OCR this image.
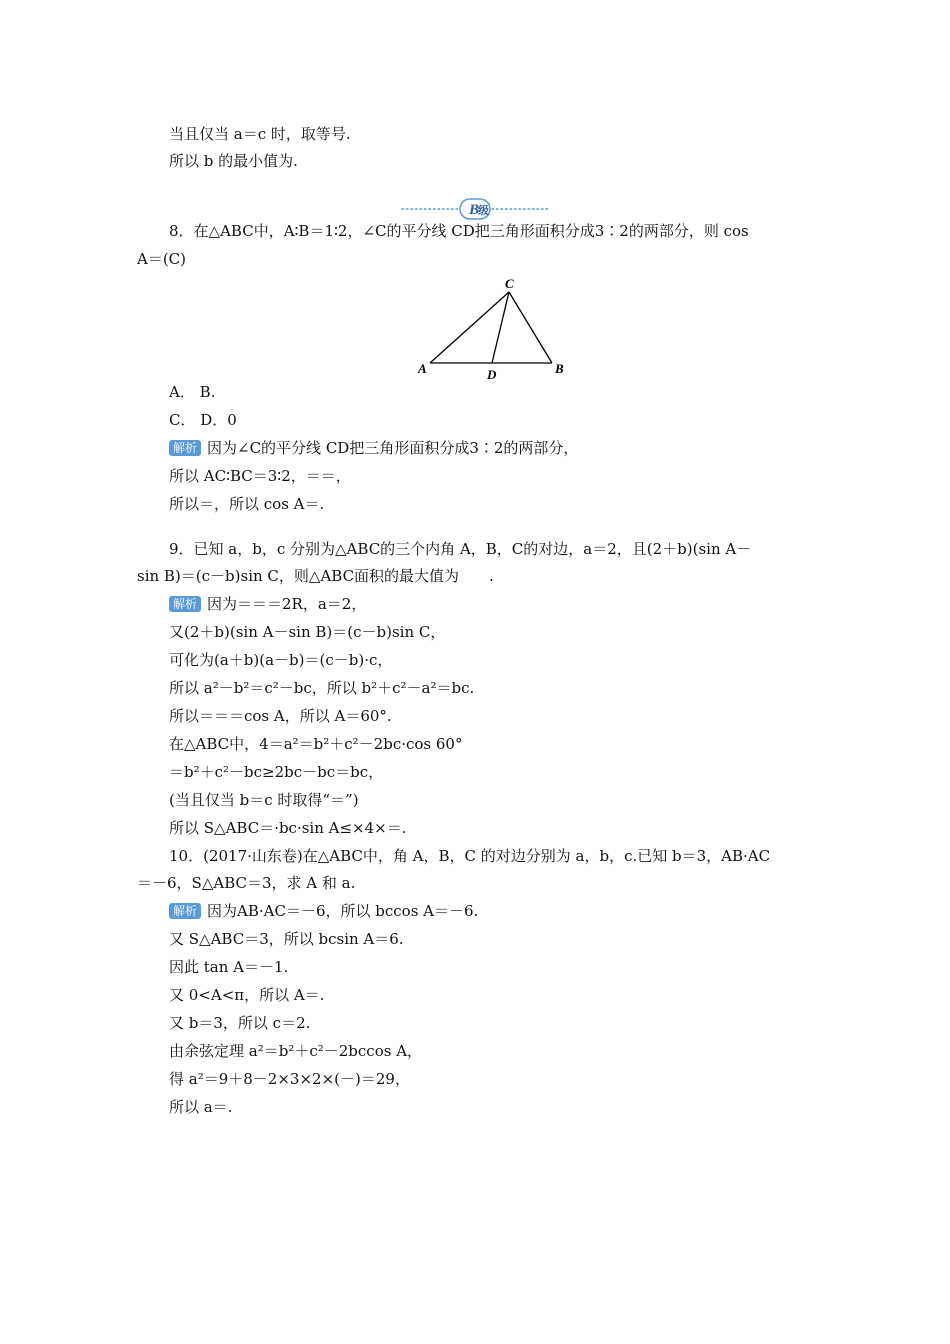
当且仅当 a＝c 时，取等号.
所以 b 的最小值为.
B
级
8．在△ABC中，A∶B＝1∶2，∠C的平分线 CD把三角形面积分成3∶2的两部分，则 cos
A＝(C)
A	B
C
D
A． B.
C． D．0
解析 因为∠C的平分线 CD把三角形面积分成3∶2的两部分，
所以 AC∶BC＝3∶2，＝＝，
所以＝，所以 cos A＝.
9．已知 a，b，c 分别为△ABC的三个内角 A，B，C的对边，a＝2，且(2＋b)(sin A－
sin B)＝(c－b)sin C，则△ABC面积的最大值为　　.
解析 因为＝＝＝2R，a＝2，
又(2＋b)(sin A－sin B)＝(c－b)sin C，
可化为(a＋b)(a－b)＝(c－b)·c，
所以 a²－b²＝c²－bc，所以 b²＋c²－a²＝bc.
所以＝＝＝cos A，所以 A＝60°.
在△ABC中，4＝a²＝b²＋c²－2bc·cos 60°
＝b²＋c²－bc≥2bc－bc＝bc，
(当且仅当 b＝c 时取得“＝”)
所以 S△ABC＝·bc·sin A≤×4×＝.
10．(2017·山东卷)在△ABC中，角 A，B，C 的对边分别为 a，b，c.已知 b＝3，AB·AC
＝－6，S△ABC＝3，求 A 和 a.
解析 因为AB·AC＝－6，所以 bccos A＝－6.
又 S△ABC＝3，所以 bcsin A＝6.
因此 tan A＝－1.
又 0<A<π，所以 A＝.
又 b＝3，所以 c＝2.
由余弦定理 a²＝b²＋c²－2bccos A，
得 a²＝9＋8－2×3×2×(－)＝29，
所以 a＝.
